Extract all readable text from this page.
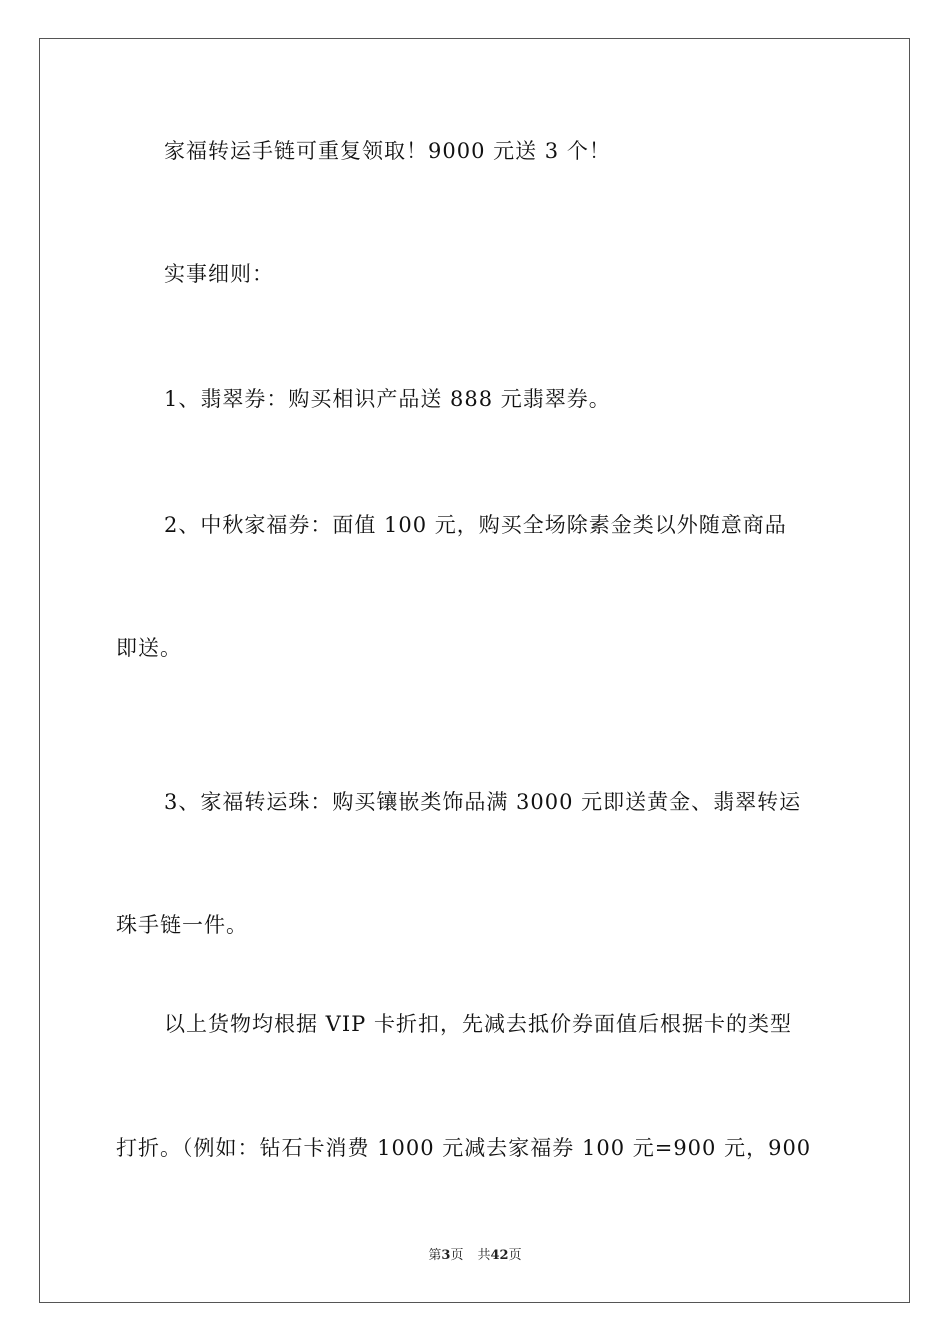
家福转运手链可重复领取！9000 元送 3 个！
实事细则：
1、翡翠券：购买相识产品送 888 元翡翠券。
2、中秋家福券：面值 100 元，购买全场除素金类以外随意商品
即送。
3、家福转运珠：购买镶嵌类饰品满 3000 元即送黄金、翡翠转运
珠手链一件。
以上货物均根据 VIP 卡折扣，先减去抵价券面值后根据卡的类型
打折。（例如：钻石卡消费 1000 元减去家福券 100 元=900 元，900
第3页 共42页
